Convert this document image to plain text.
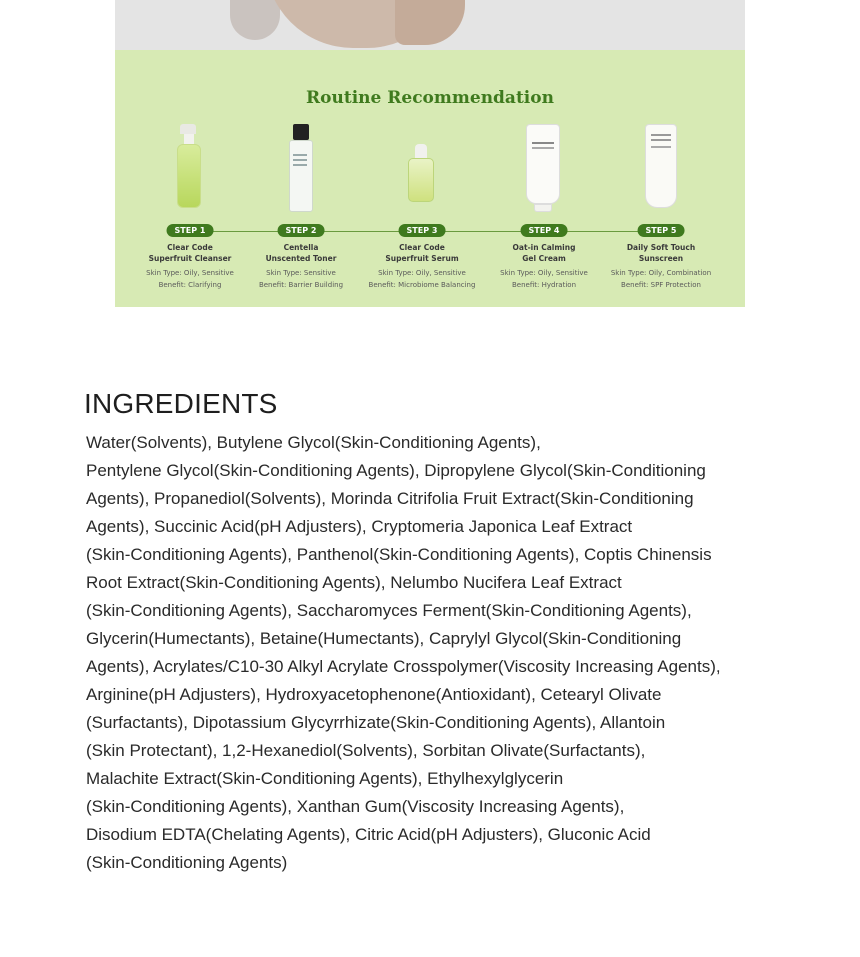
Routine Recommendation
STEP 1
Clear Code
Superfruit Cleanser
Skin Type: Oily, Sensitive
Benefit: Clarifying
STEP 2
Centella
Unscented Toner
Skin Type: Sensitive
Benefit: Barrier Building
STEP 3
Clear Code
Superfruit Serum
Skin Type: Oily, Sensitive
Benefit: Microbiome Balancing
STEP 4
Oat-in Calming
Gel Cream
Skin Type: Oily, Sensitive
Benefit: Hydration
STEP 5
Daily Soft Touch
Sunscreen
Skin Type: Oily, Combination
Benefit: SPF Protection
INGREDIENTS
Water(Solvents), Butylene Glycol(Skin-Conditioning Agents),
Pentylene Glycol(Skin-Conditioning Agents), Dipropylene Glycol(Skin-Conditioning
Agents), Propanediol(Solvents), Morinda Citrifolia Fruit Extract(Skin-Conditioning
Agents), Succinic Acid(pH Adjusters), Cryptomeria Japonica Leaf Extract
(Skin-Conditioning Agents), Panthenol(Skin-Conditioning Agents), Coptis Chinensis
Root Extract(Skin-Conditioning Agents), Nelumbo Nucifera Leaf Extract
(Skin-Conditioning Agents), Saccharomyces Ferment(Skin-Conditioning Agents),
Glycerin(Humectants), Betaine(Humectants), Caprylyl Glycol(Skin-Conditioning
Agents), Acrylates/C10-30 Alkyl Acrylate Crosspolymer(Viscosity Increasing Agents),
Arginine(pH Adjusters), Hydroxyacetophenone(Antioxidant), Cetearyl Olivate
(Surfactants), Dipotassium Glycyrrhizate(Skin-Conditioning Agents), Allantoin
(Skin Protectant), 1,2-Hexanediol(Solvents), Sorbitan Olivate(Surfactants),
Malachite Extract(Skin-Conditioning Agents), Ethylhexylglycerin
(Skin-Conditioning Agents), Xanthan Gum(Viscosity Increasing Agents),
Disodium EDTA(Chelating Agents), Citric Acid(pH Adjusters), Gluconic Acid
(Skin-Conditioning Agents)
